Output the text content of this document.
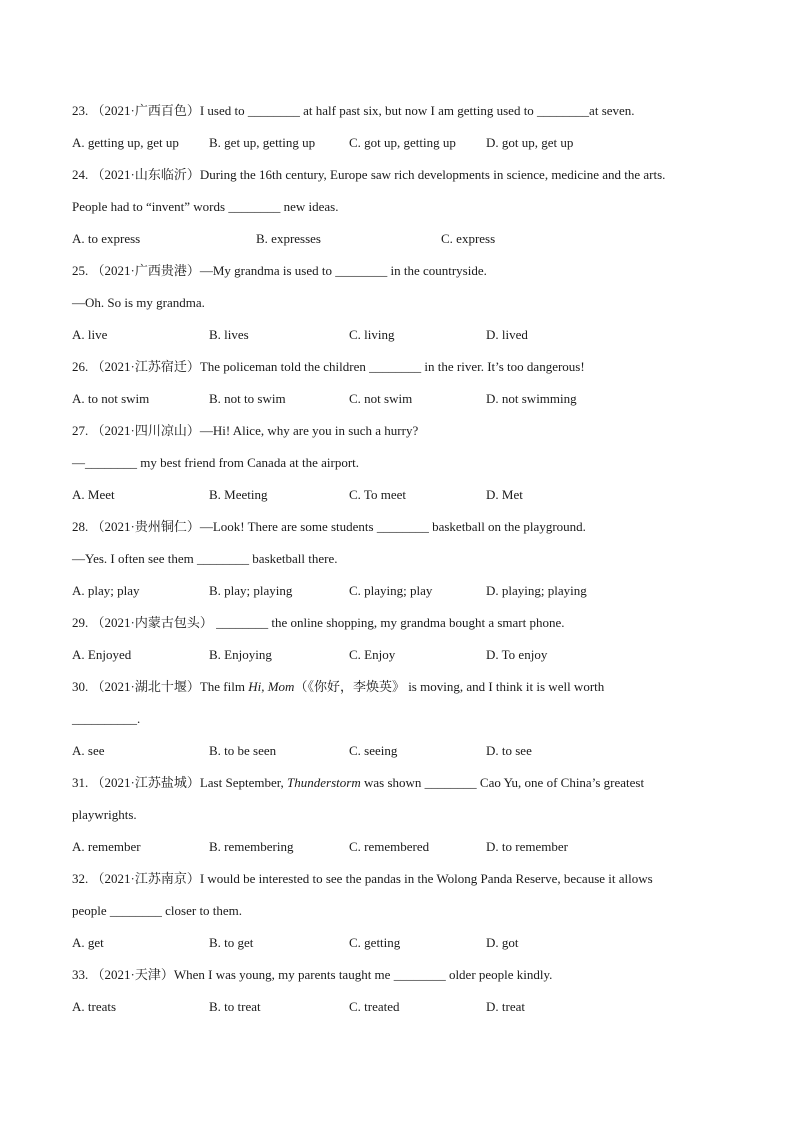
23. （2021·广西百色）I used to ________ at half past six, but now I am getting used to ________at seven.
A. getting up, get up B. get up, getting up	C. got up, getting up D. got up, get up
24. （2021·山东临沂）During the 16th century, Europe saw rich developments in science, medicine and the arts.
People had to “invent” words ________ new ideas.
A. to express	B. expresses	C. express
25. （2021·广西贵港）—My grandma is used to ________ in the countryside.
—Oh. So is my grandma.
A. live	B. lives	C. living	D. lived
26. （2021·江苏宿迁）The policeman told the children ________ in the river. It’s too dangerous!
A. to not swim	B. not to swim	C. not swim	D. not swimming
27. （2021·四川凉山）—Hi! Alice, why are you in such a hurry?
—________ my best friend from Canada at the airport.
A. Meet	B. Meeting	C. To meet	D. Met
28. （2021·贵州铜仁）—Look! There are some students ________ basketball on the playground.
—Yes. I often see them ________ basketball there.
A. play; play	B. play; playing	C. playing; play	D. playing; playing
29. （2021·内蒙古包头） ________ the online shopping, my grandma bought a smart phone.
A. Enjoyed	B. Enjoying	C. Enjoy	D. To enjoy
30. （2021·湖北十堰）The film Hi, Mom（《你好，李焕英》 is moving, and I think it is well worth
__________.
A. see	B. to be seen	C. seeing	D. to see
31. （2021·江苏盐城）Last September, Thunderstorm was shown ________ Cao Yu, one of China’s greatest
playwrights.
A. remember	B. remembering	C. remembered	D. to remember
32. （2021·江苏南京）I would be interested to see the pandas in the Wolong Panda Reserve, because it allows
people ________ closer to them.
A. get	B. to get	C. getting	D. got
33. （2021·天津）When I was young, my parents taught me ________ older people kindly.
A. treats	B. to treat	C. treated	D. treat
